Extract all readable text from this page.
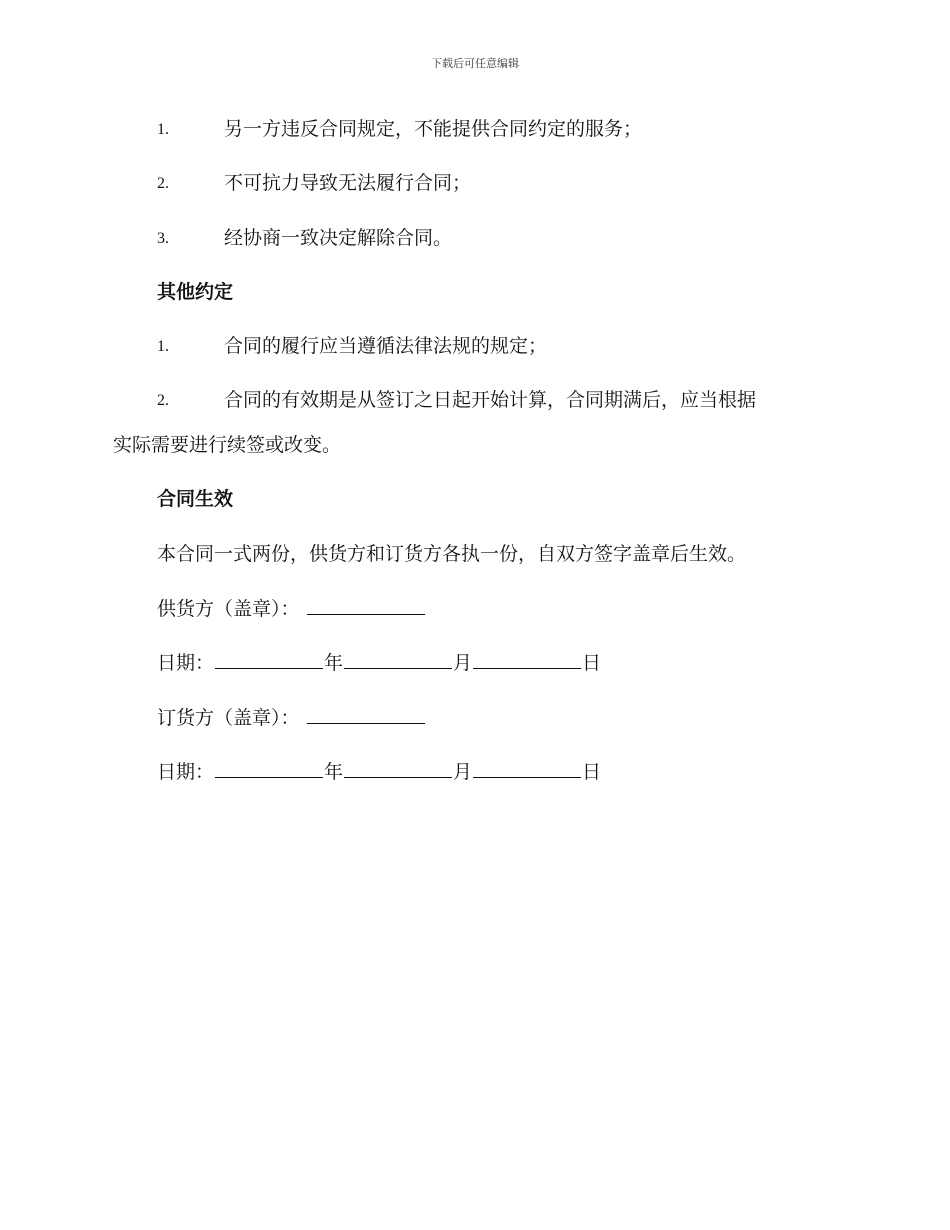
下载后可任意编辑
1.	另一方违反合同规定，不能提供合同约定的服务；
2.	不可抗力导致无法履行合同；
3.	经协商一致决定解除合同。
其他约定
1.	合同的履行应当遵循法律法规的规定；
2.	合同的有效期是从签订之日起开始计算，合同期满后，应当根据
实际需要进行续签或改变。
合同生效
本合同一式两份，供货方和订货方各执一份，自双方签字盖章后生效。
供货方（盖章）：
日期：	年	月	日
订货方（盖章）：
日期：	年	月	日
